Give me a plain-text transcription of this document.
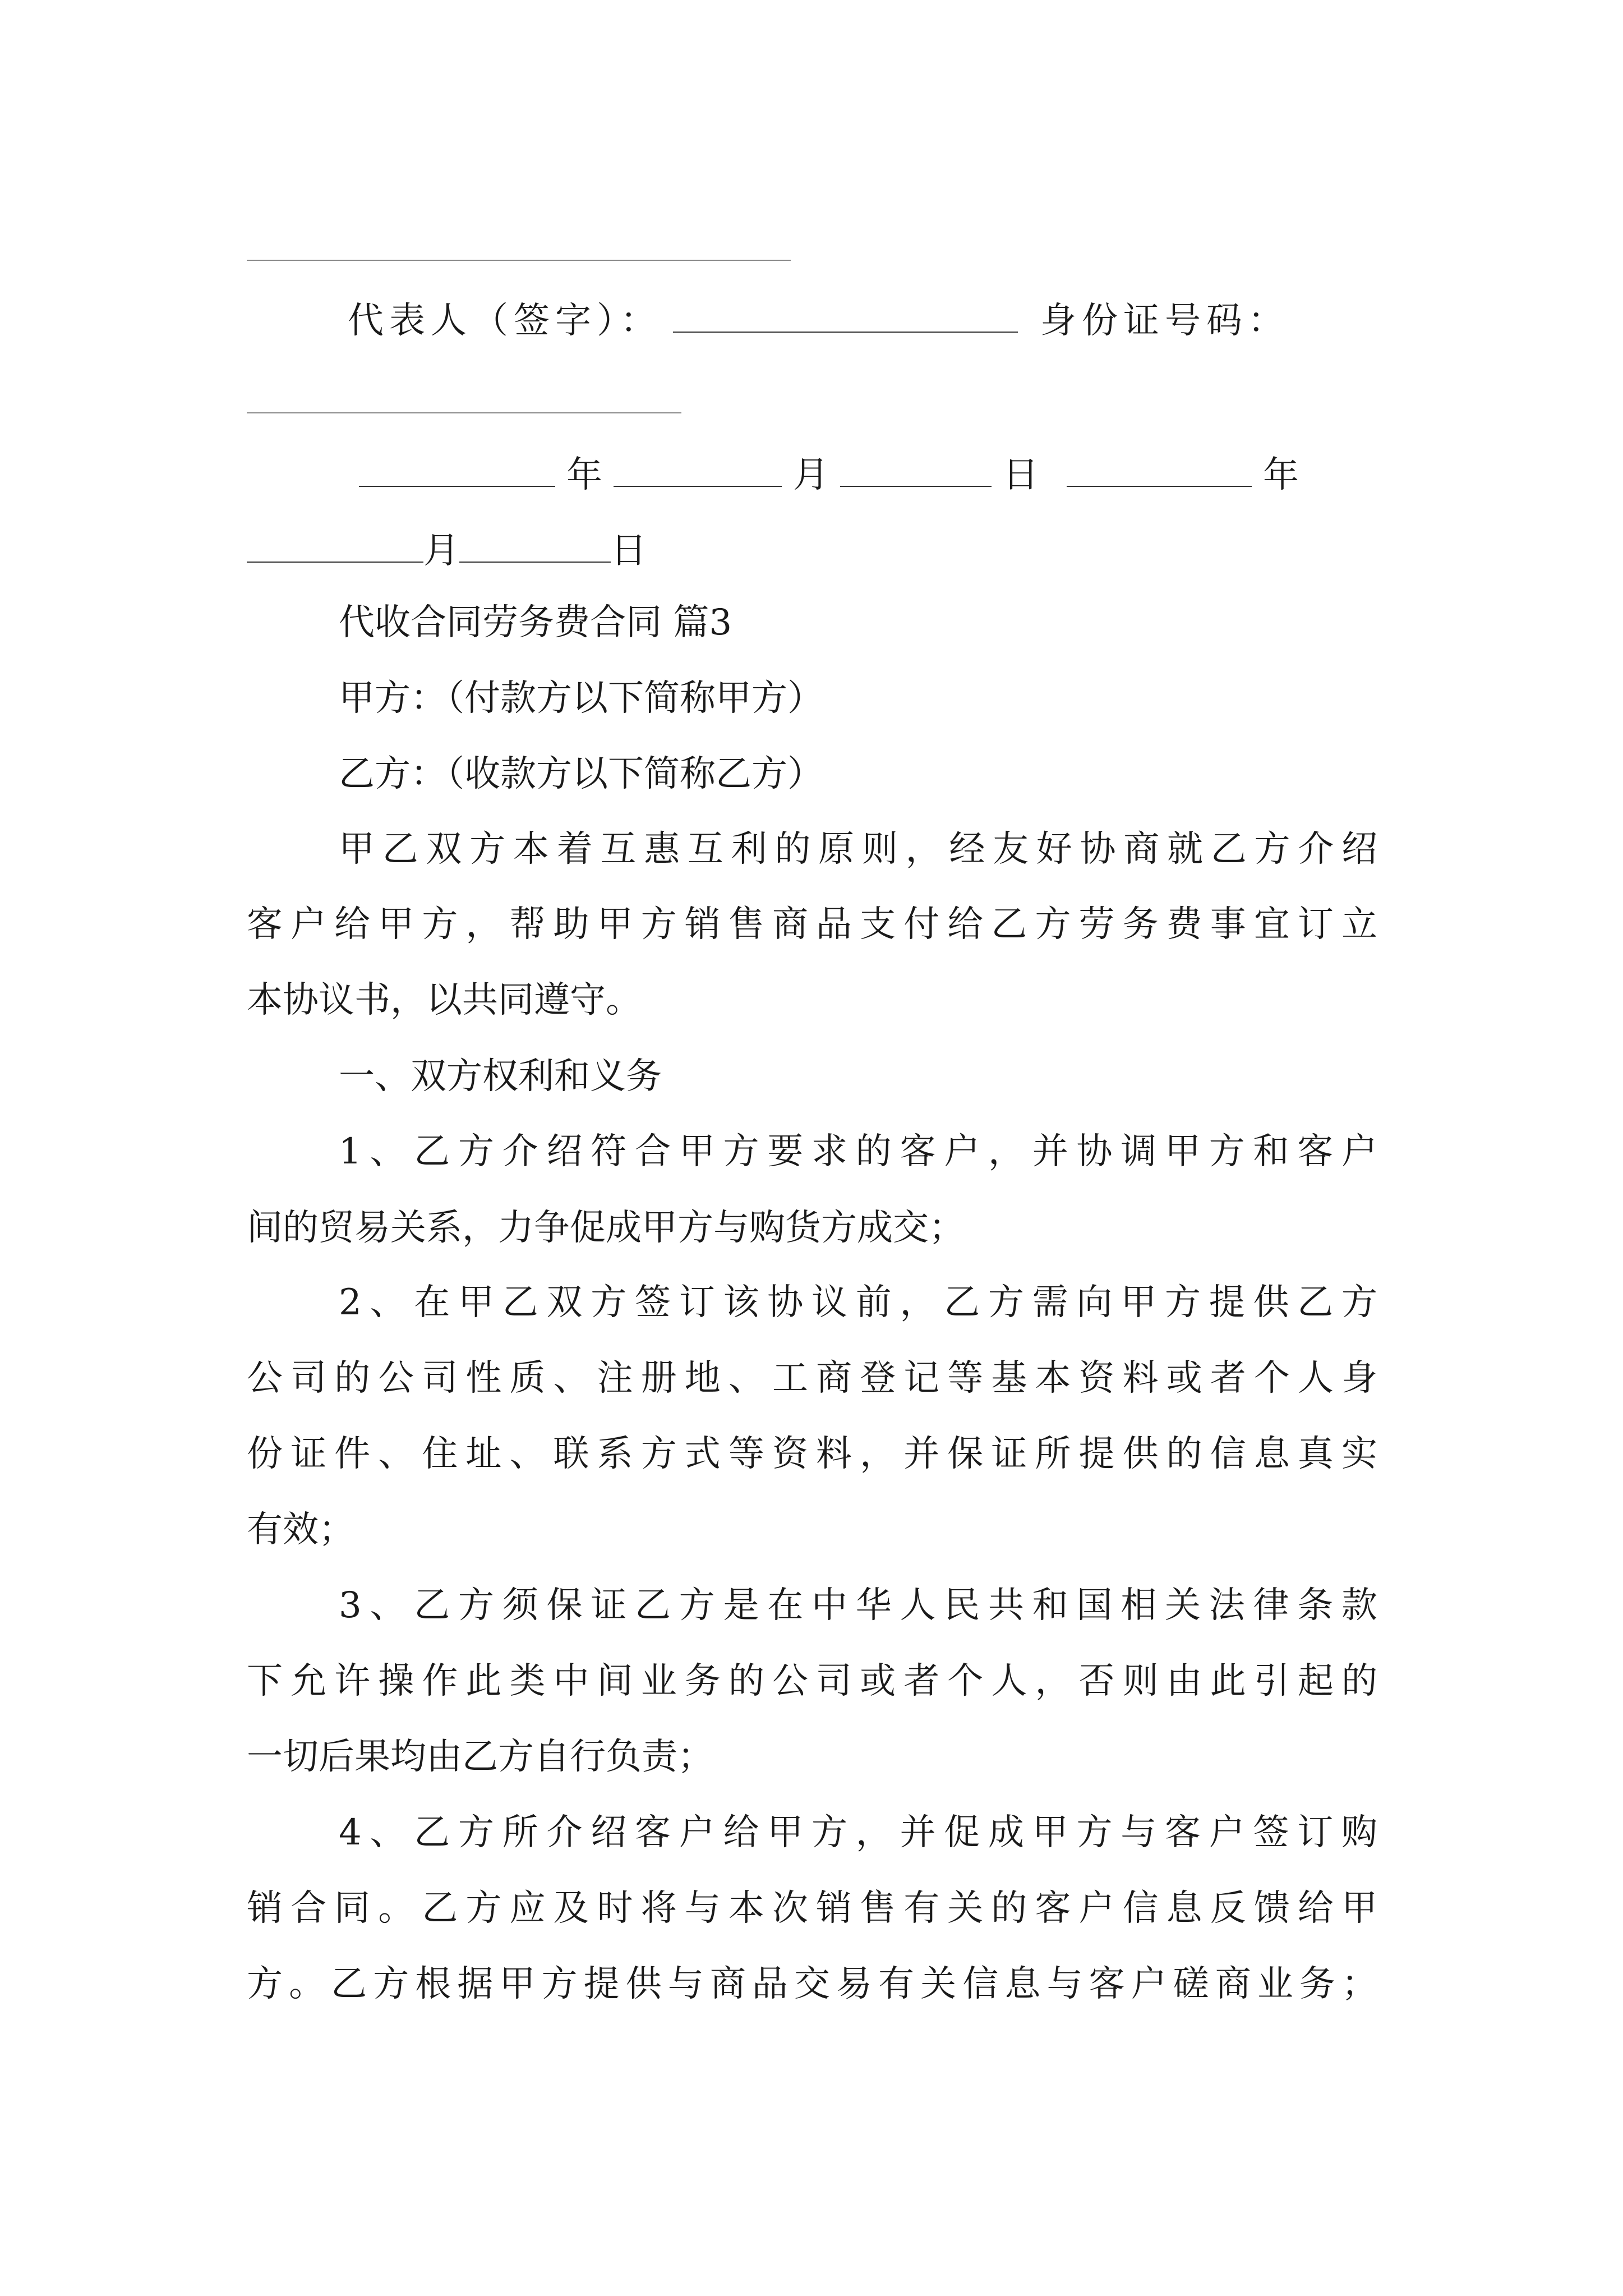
代表人（签字）：	身份证号码：
年	月	日	年
月	日
代收合同劳务费合同 篇3
甲方：（付款方以下简称甲方）
乙方：（收款方以下简称乙方）
甲乙双方本着互惠互利的原则，经友好协商就乙方介绍
客户给甲方，帮助甲方销售商品支付给乙方劳务费事宜订立
本协议书，以共同遵守。
一、双方权利和义务
1、乙方介绍符合甲方要求的客户，并协调甲方和客户
间的贸易关系，力争促成甲方与购货方成交；
2、在甲乙双方签订该协议前，乙方需向甲方提供乙方
公司的公司性质、注册地、工商登记等基本资料或者个人身
份证件、住址、联系方式等资料，并保证所提供的信息真实
有效；
3、乙方须保证乙方是在中华人民共和国相关法律条款
下允许操作此类中间业务的公司或者个人，否则由此引起的
一切后果均由乙方自行负责；
4、乙方所介绍客户给甲方，并促成甲方与客户签订购
销合同。乙方应及时将与本次销售有关的客户信息反馈给甲
方。乙方根据甲方提供与商品交易有关信息与客户磋商业务；
